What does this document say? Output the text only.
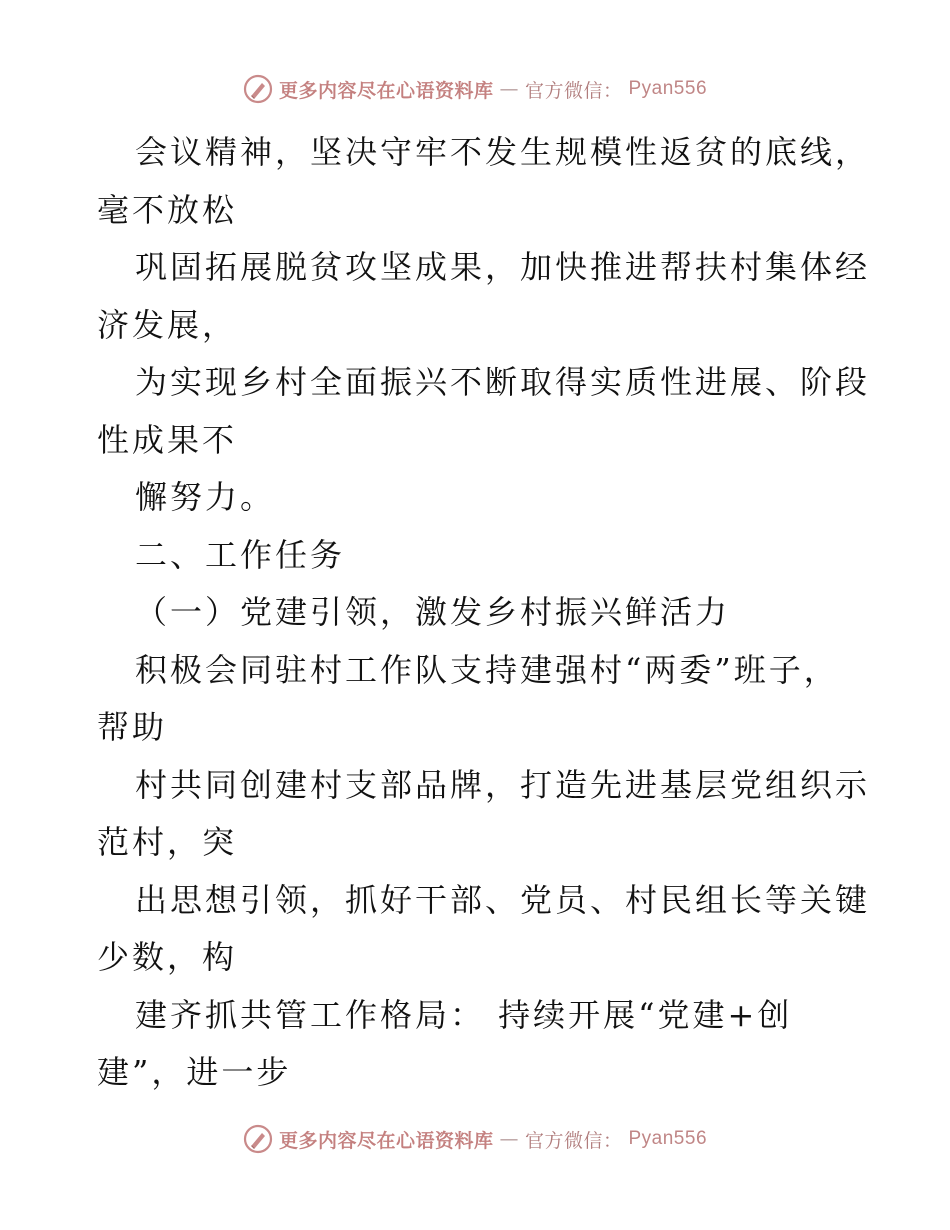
更多内容尽在心语资料库 — 官方微信： Pyan556
会议精神，坚决守牢不发生规模性返贫的底线，
毫不放松
巩固拓展脱贫攻坚成果，加快推进帮扶村集体经
济发展，
为实现乡村全面振兴不断取得实质性进展、阶段
性成果不
懈努力。
二、工作任务
（一）党建引领，激发乡村振兴鲜活力
积极会同驻村工作队支持建强村“两委”班子，
帮助
村共同创建村支部品牌，打造先进基层党组织示
范村，突
出思想引领，抓好干部、党员、村民组长等关键
少数，构
建齐抓共管工作格局： 持续开展“党建+创
建”，进一步
更多内容尽在心语资料库 — 官方微信： Pyan556
